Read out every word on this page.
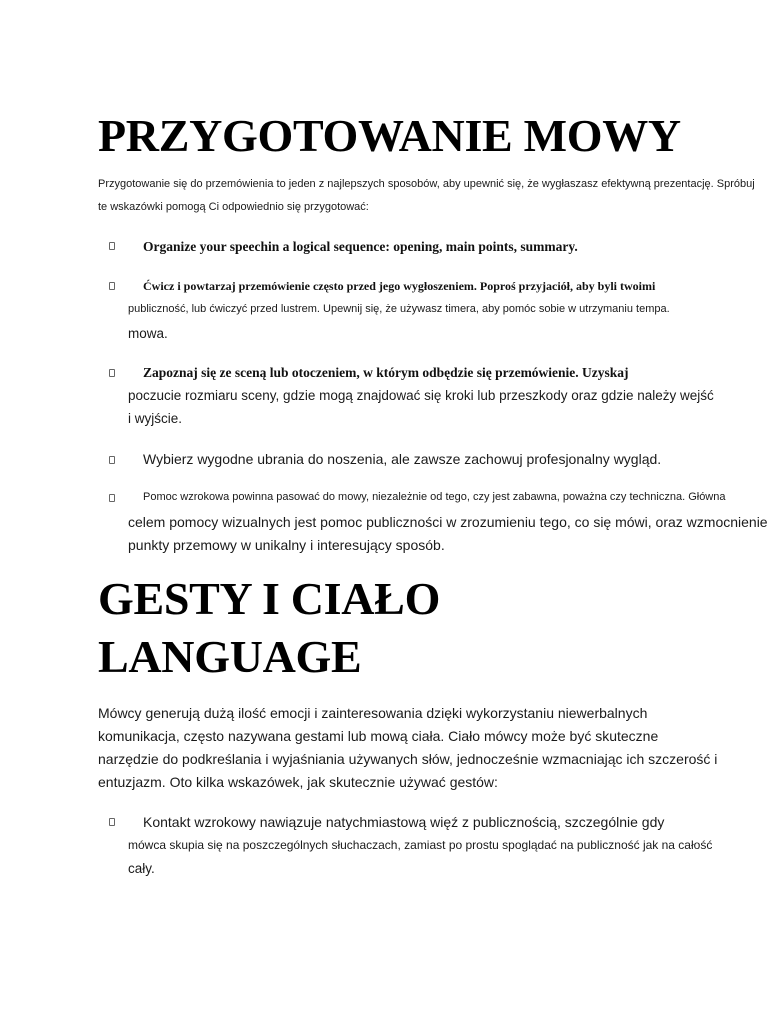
PRZYGOTOWANIE MOWY

Przygotowanie się do przemówienia to jeden z najlepszych sposobów, aby upewnić się, że wygłaszasz efektywną prezentację. Spróbuj

te wskazówki pomogą Ci odpowiednio się przygotować:

Organize your speechin a logical sequence: opening, main points, summary.

Ćwicz i powtarzaj przemówienie często przed jego wygłoszeniem. Poproś przyjaciół, aby byli twoimi

publiczność, lub ćwiczyć przed lustrem. Upewnij się, że używasz timera, aby pomóc sobie w utrzymaniu tempa.

mowa.

Zapoznaj się ze sceną lub otoczeniem, w którym odbędzie się przemówienie. Uzyskaj

poczucie rozmiaru sceny, gdzie mogą znajdować się kroki lub przeszkody oraz gdzie należy wejść

i wyjście.

Wybierz wygodne ubrania do noszenia, ale zawsze zachowuj profesjonalny wygląd.

Pomoc wzrokowa powinna pasować do mowy, niezależnie od tego, czy jest zabawna, poważna czy techniczna. Główna

celem pomocy wizualnych jest pomoc publiczności w zrozumieniu tego, co się mówi, oraz wzmocnienie

punkty przemowy w unikalny i interesujący sposób.

GESTY I CIAŁO
LANGUAGE

Mówcy generują dużą ilość emocji i zainteresowania dzięki wykorzystaniu niewerbalnych

komunikacja, często nazywana gestami lub mową ciała. Ciało mówcy może być skuteczne

narzędzie do podkreślania i wyjaśniania używanych słów, jednocześnie wzmacniając ich szczerość i

entuzjazm. Oto kilka wskazówek, jak skutecznie używać gestów:

Kontakt wzrokowy nawiązuje natychmiastową więź z publicznością, szczególnie gdy

mówca skupia się na poszczególnych słuchaczach, zamiast po prostu spoglądać na publiczność jak na całość

cały.
